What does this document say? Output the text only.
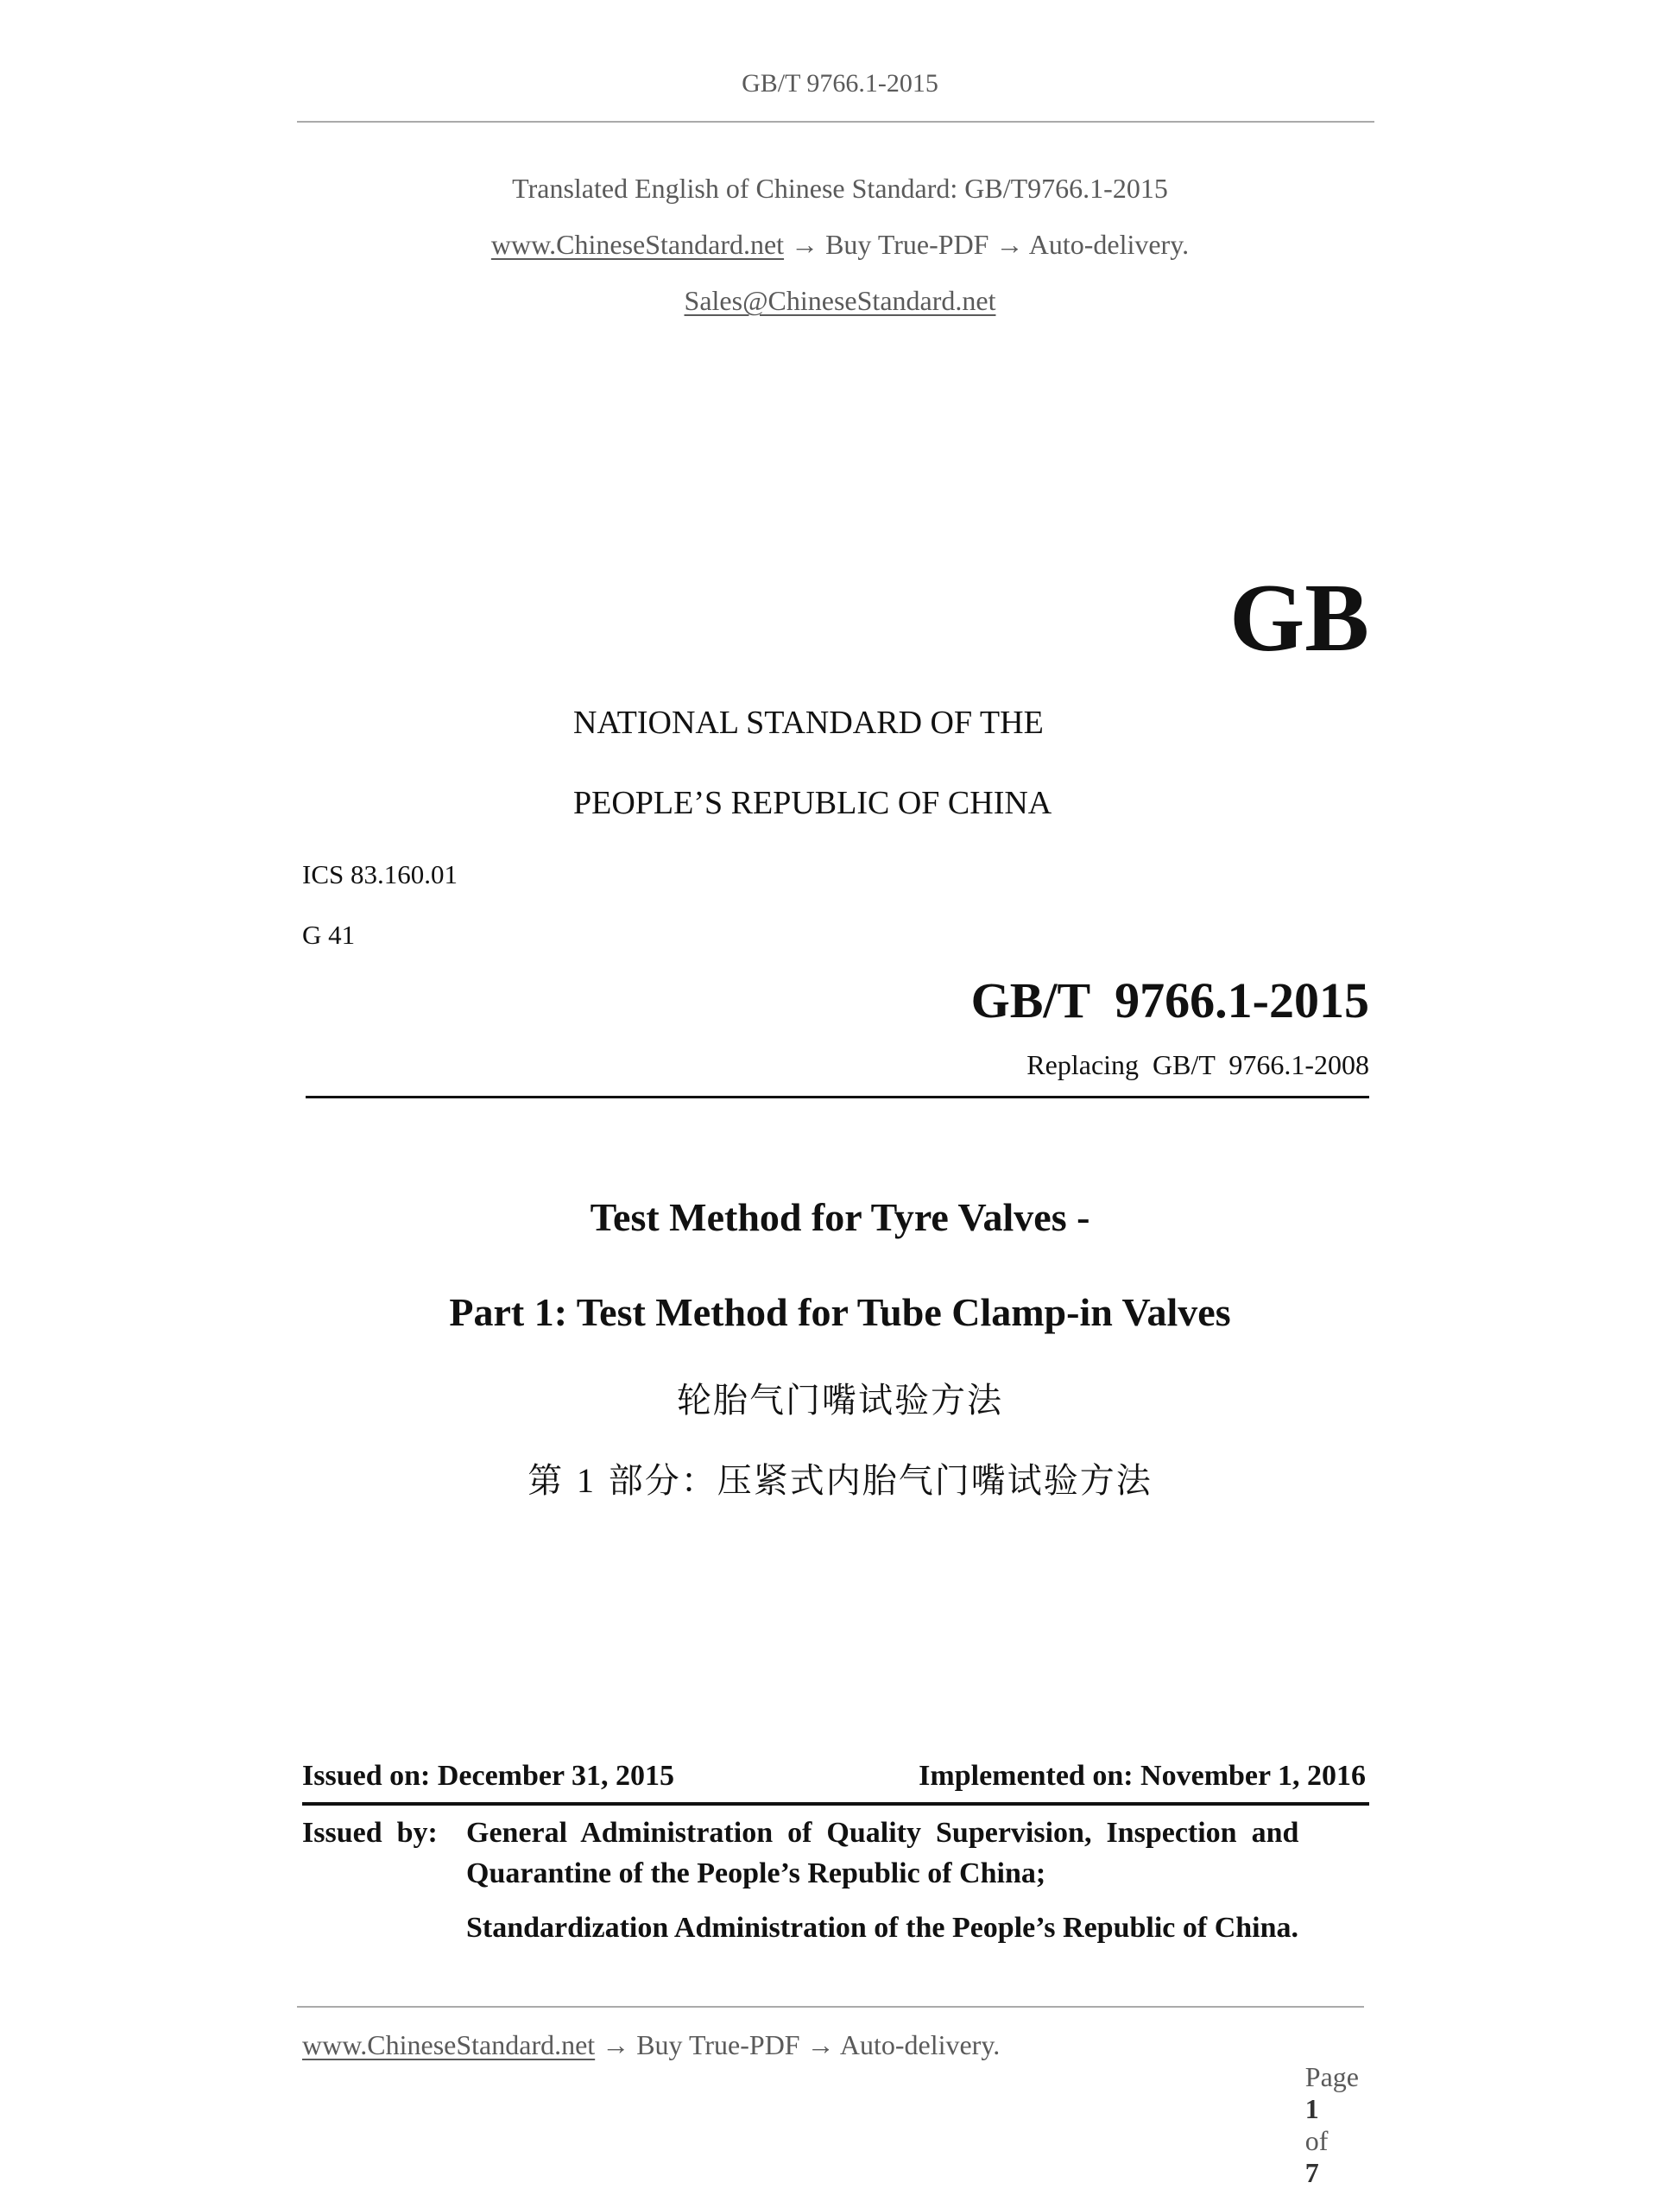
GB/T 9766.1-2015
Translated English of Chinese Standard: GB/T9766.1-2015
www.ChineseStandard.net → Buy True-PDF → Auto-delivery.
Sales@ChineseStandard.net
GB
NATIONAL STANDARD OF THE
PEOPLE’S REPUBLIC OF CHINA
ICS 83.160.01
G 41
GB/T  9766.1-2015
Replacing  GB/T  9766.1-2008
Test Method for Tyre Valves -
Part 1: Test Method for Tube Clamp-in Valves
轮胎气门嘴试验方法
第 1 部分：压紧式内胎气门嘴试验方法
Issued on: December 31, 2015	Implemented on: November 1, 2016
Issued  by: General  Administration  of  Quality  Supervision,  Inspection  and
Quarantine of the People’s Republic of China;
Standardization Administration of the People’s Republic of China.
www.ChineseStandard.net → Buy True-PDF → Auto-delivery.

Page
1
of
7
